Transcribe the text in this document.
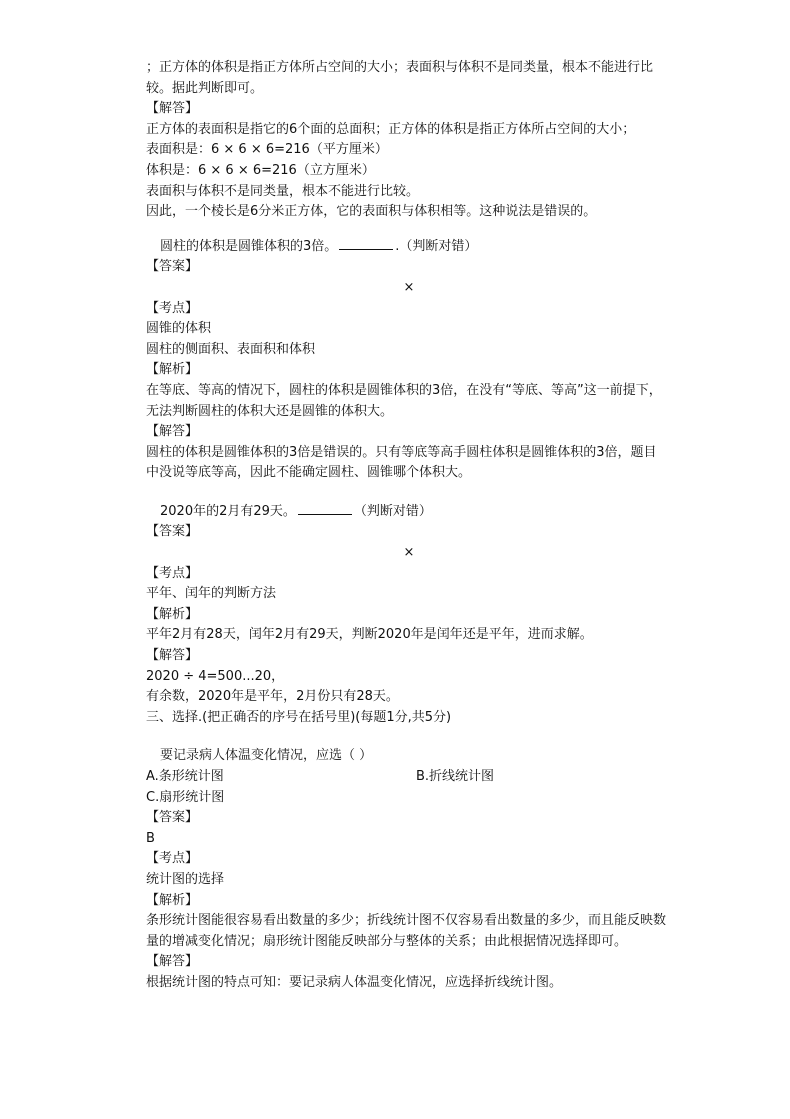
；正方体的体积是指正方体所占空间的大小；表面积与体积不是同类量，根本不能进行比较。据此判断即可。
【解答】
正方体的表面积是指它的6个面的总面积；正方体的体积是指正方体所占空间的大小；
表面积是：6 × 6 × 6=216（平方厘米）
体积是：6 × 6 × 6=216（立方厘米）
表面积与体积不是同类量，根本不能进行比较。
因此，一个棱长是6分米正方体，它的表面积与体积相等。这种说法是错误的。
圆柱的体积是圆锥体积的3倍。	.（判断对错）
【答案】
×
【考点】
圆锥的体积
圆柱的侧面积、表面积和体积
【解析】
在等底、等高的情况下，圆柱的体积是圆锥体积的3倍，在没有“等底、等高”这一前提下，无法判断圆柱的体积大还是圆锥的体积大。
【解答】
圆柱的体积是圆锥体积的3倍是错误的。只有等底等高手圆柱体积是圆锥体积的3倍，题目中没说等底等高，因此不能确定圆柱、圆锥哪个体积大。
2020年的2月有29天。	（判断对错）
【答案】
×
【考点】
平年、闰年的判断方法
【解析】
平年2月有28天，闰年2月有29天，判断2020年是闰年还是平年，进而求解。
【解答】
2020 ÷ 4=500...20，
有余数，2020年是平年，2月份只有28天。
三、选择.(把正确否的序号在括号里)(每题1分,共5分)
要记录病人体温变化情况，应选（ ）
A.条形统计图	B.折线统计图
C.扇形统计图
【答案】
B
【考点】
统计图的选择
【解析】
条形统计图能很容易看出数量的多少；折线统计图不仅容易看出数量的多少，而且能反映数量的增减变化情况；扇形统计图能反映部分与整体的关系；由此根据情况选择即可。
【解答】
根据统计图的特点可知：要记录病人体温变化情况，应选择折线统计图。
